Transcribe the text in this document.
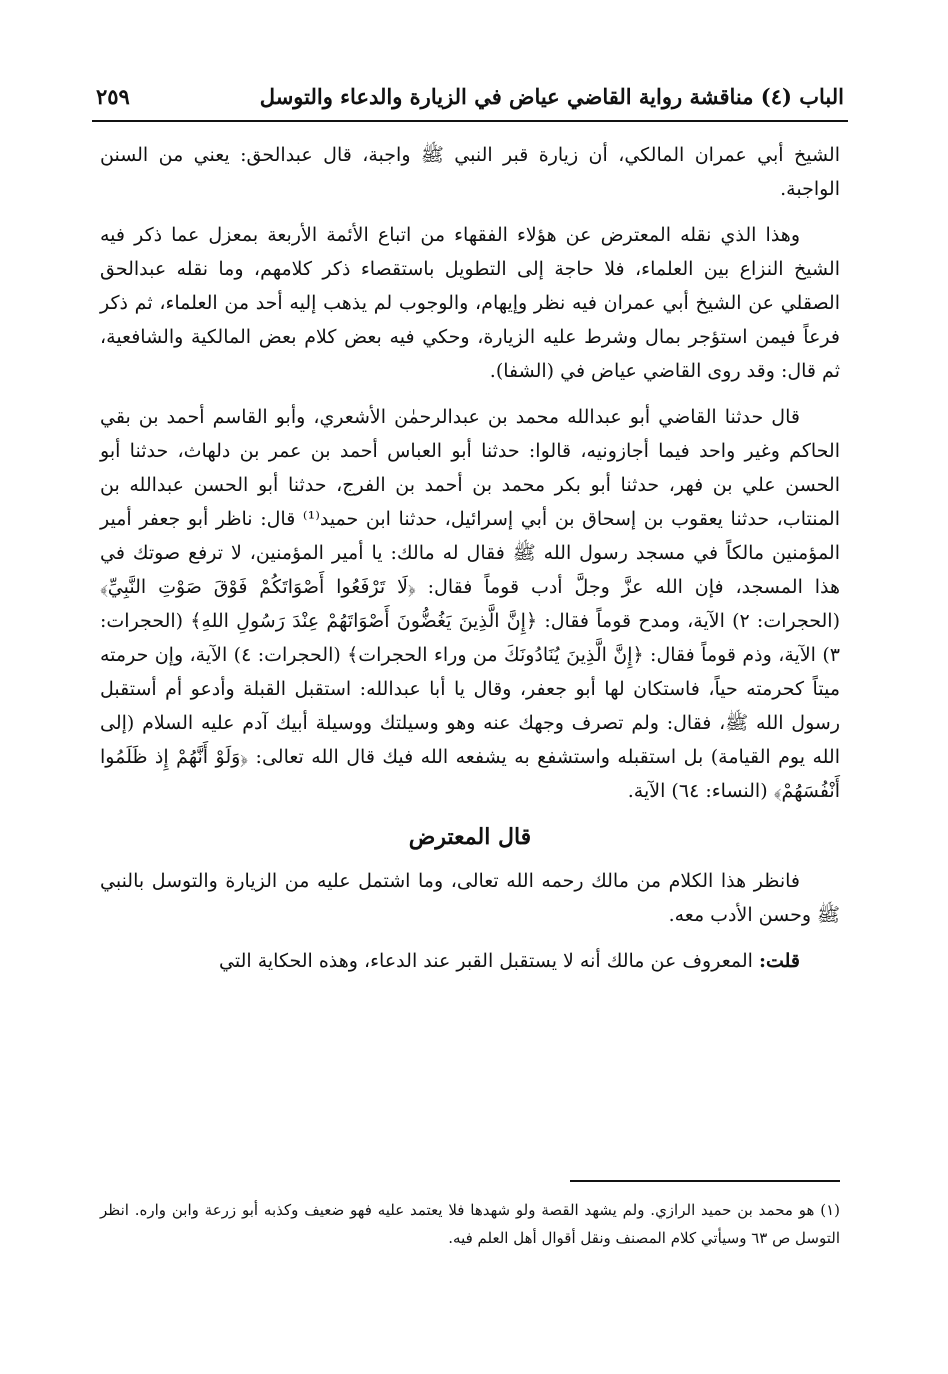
الباب (٤) مناقشة رواية القاضي عياض في الزيارة والدعاء والتوسل
٢٥٩

الشيخ أبي عمران المالكي، أن زيارة قبر النبي ﷺ واجبة، قال عبدالحق: يعني من السنن الواجبة.

وهذا الذي نقله المعترض عن هؤلاء الفقهاء من اتباع الأئمة الأربعة بمعزل عما ذكر فيه الشيخ النزاع بين العلماء، فلا حاجة إلى التطويل باستقصاء ذكر كلامهم، وما نقله عبدالحق الصقلي عن الشيخ أبي عمران فيه نظر وإيهام، والوجوب لم يذهب إليه أحد من العلماء، ثم ذكر فرعاً فيمن استؤجر بمال وشرط عليه الزيارة، وحكي فيه بعض كلام بعض المالكية والشافعية، ثم قال: وقد روى القاضي عياض في (الشفا).

قال حدثنا القاضي أبو عبدالله محمد بن عبدالرحمٰن الأشعري، وأبو القاسم أحمد بن بقي الحاكم وغير واحد فيما أجازونيه، قالوا: حدثنا أبو العباس أحمد بن عمر بن دلهاث، حدثنا أبو الحسن علي بن فهر، حدثنا أبو بكر محمد بن أحمد بن الفرج، حدثنا أبو الحسن عبدالله بن المنتاب، حدثنا يعقوب بن إسحاق بن أبي إسرائيل، حدثنا ابن حميد⁽¹⁾ قال: ناظر أبو جعفر أمير المؤمنين مالكاً في مسجد رسول الله ﷺ فقال له مالك: يا أمير المؤمنين، لا ترفع صوتك في هذا المسجد، فإن الله عزَّ وجلَّ أدب قوماً فقال: ﴿لَا تَرْفَعُوا أَصْوَاتَكُمْ فَوْقَ صَوْتِ النَّبِيِّ﴾ (الحجرات: ٢) الآية، ومدح قوماً فقال: ﴿إِنَّ الَّذِينَ يَغُضُّونَ أَصْوَاتَهُمْ عِنْدَ رَسُولِ اللهِ﴾ (الحجرات: ٣) الآية، وذم قوماً فقال: ﴿إِنَّ الَّذِينَ يُنَادُونَكَ من وراء الحجرات﴾ (الحجرات: ٤) الآية، وإن حرمته ميتاً كحرمته حياً، فاستكان لها أبو جعفر، وقال يا أبا عبدالله: استقبل القبلة وأدعو أم أستقبل رسول الله ﷺ، فقال: ولم تصرف وجهك عنه وهو وسيلتك ووسيلة أبيك آدم عليه السلام (إلى الله يوم القيامة) بل استقبله واستشفع به يشفعه الله فيك قال الله تعالى: ﴿وَلَوْ أَنَّهُمْ إِذ ظَلَمُوا أَنْفُسَهُمْ﴾ (النساء: ٦٤) الآية.

قال المعترض

فانظر هذا الكلام من مالك رحمه الله تعالى، وما اشتمل عليه من الزيارة والتوسل بالنبي ﷺ وحسن الأدب معه.

قلت: المعروف عن مالك أنه لا يستقبل القبر عند الدعاء، وهذه الحكاية التي

(١) هو محمد بن حميد الرازي. ولم يشهد القصة ولو شهدها فلا يعتمد عليه فهو ضعيف وكذبه أبو زرعة وابن واره. انظر التوسل ص ٦٣ وسيأتي كلام المصنف ونقل أقوال أهل العلم فيه.
